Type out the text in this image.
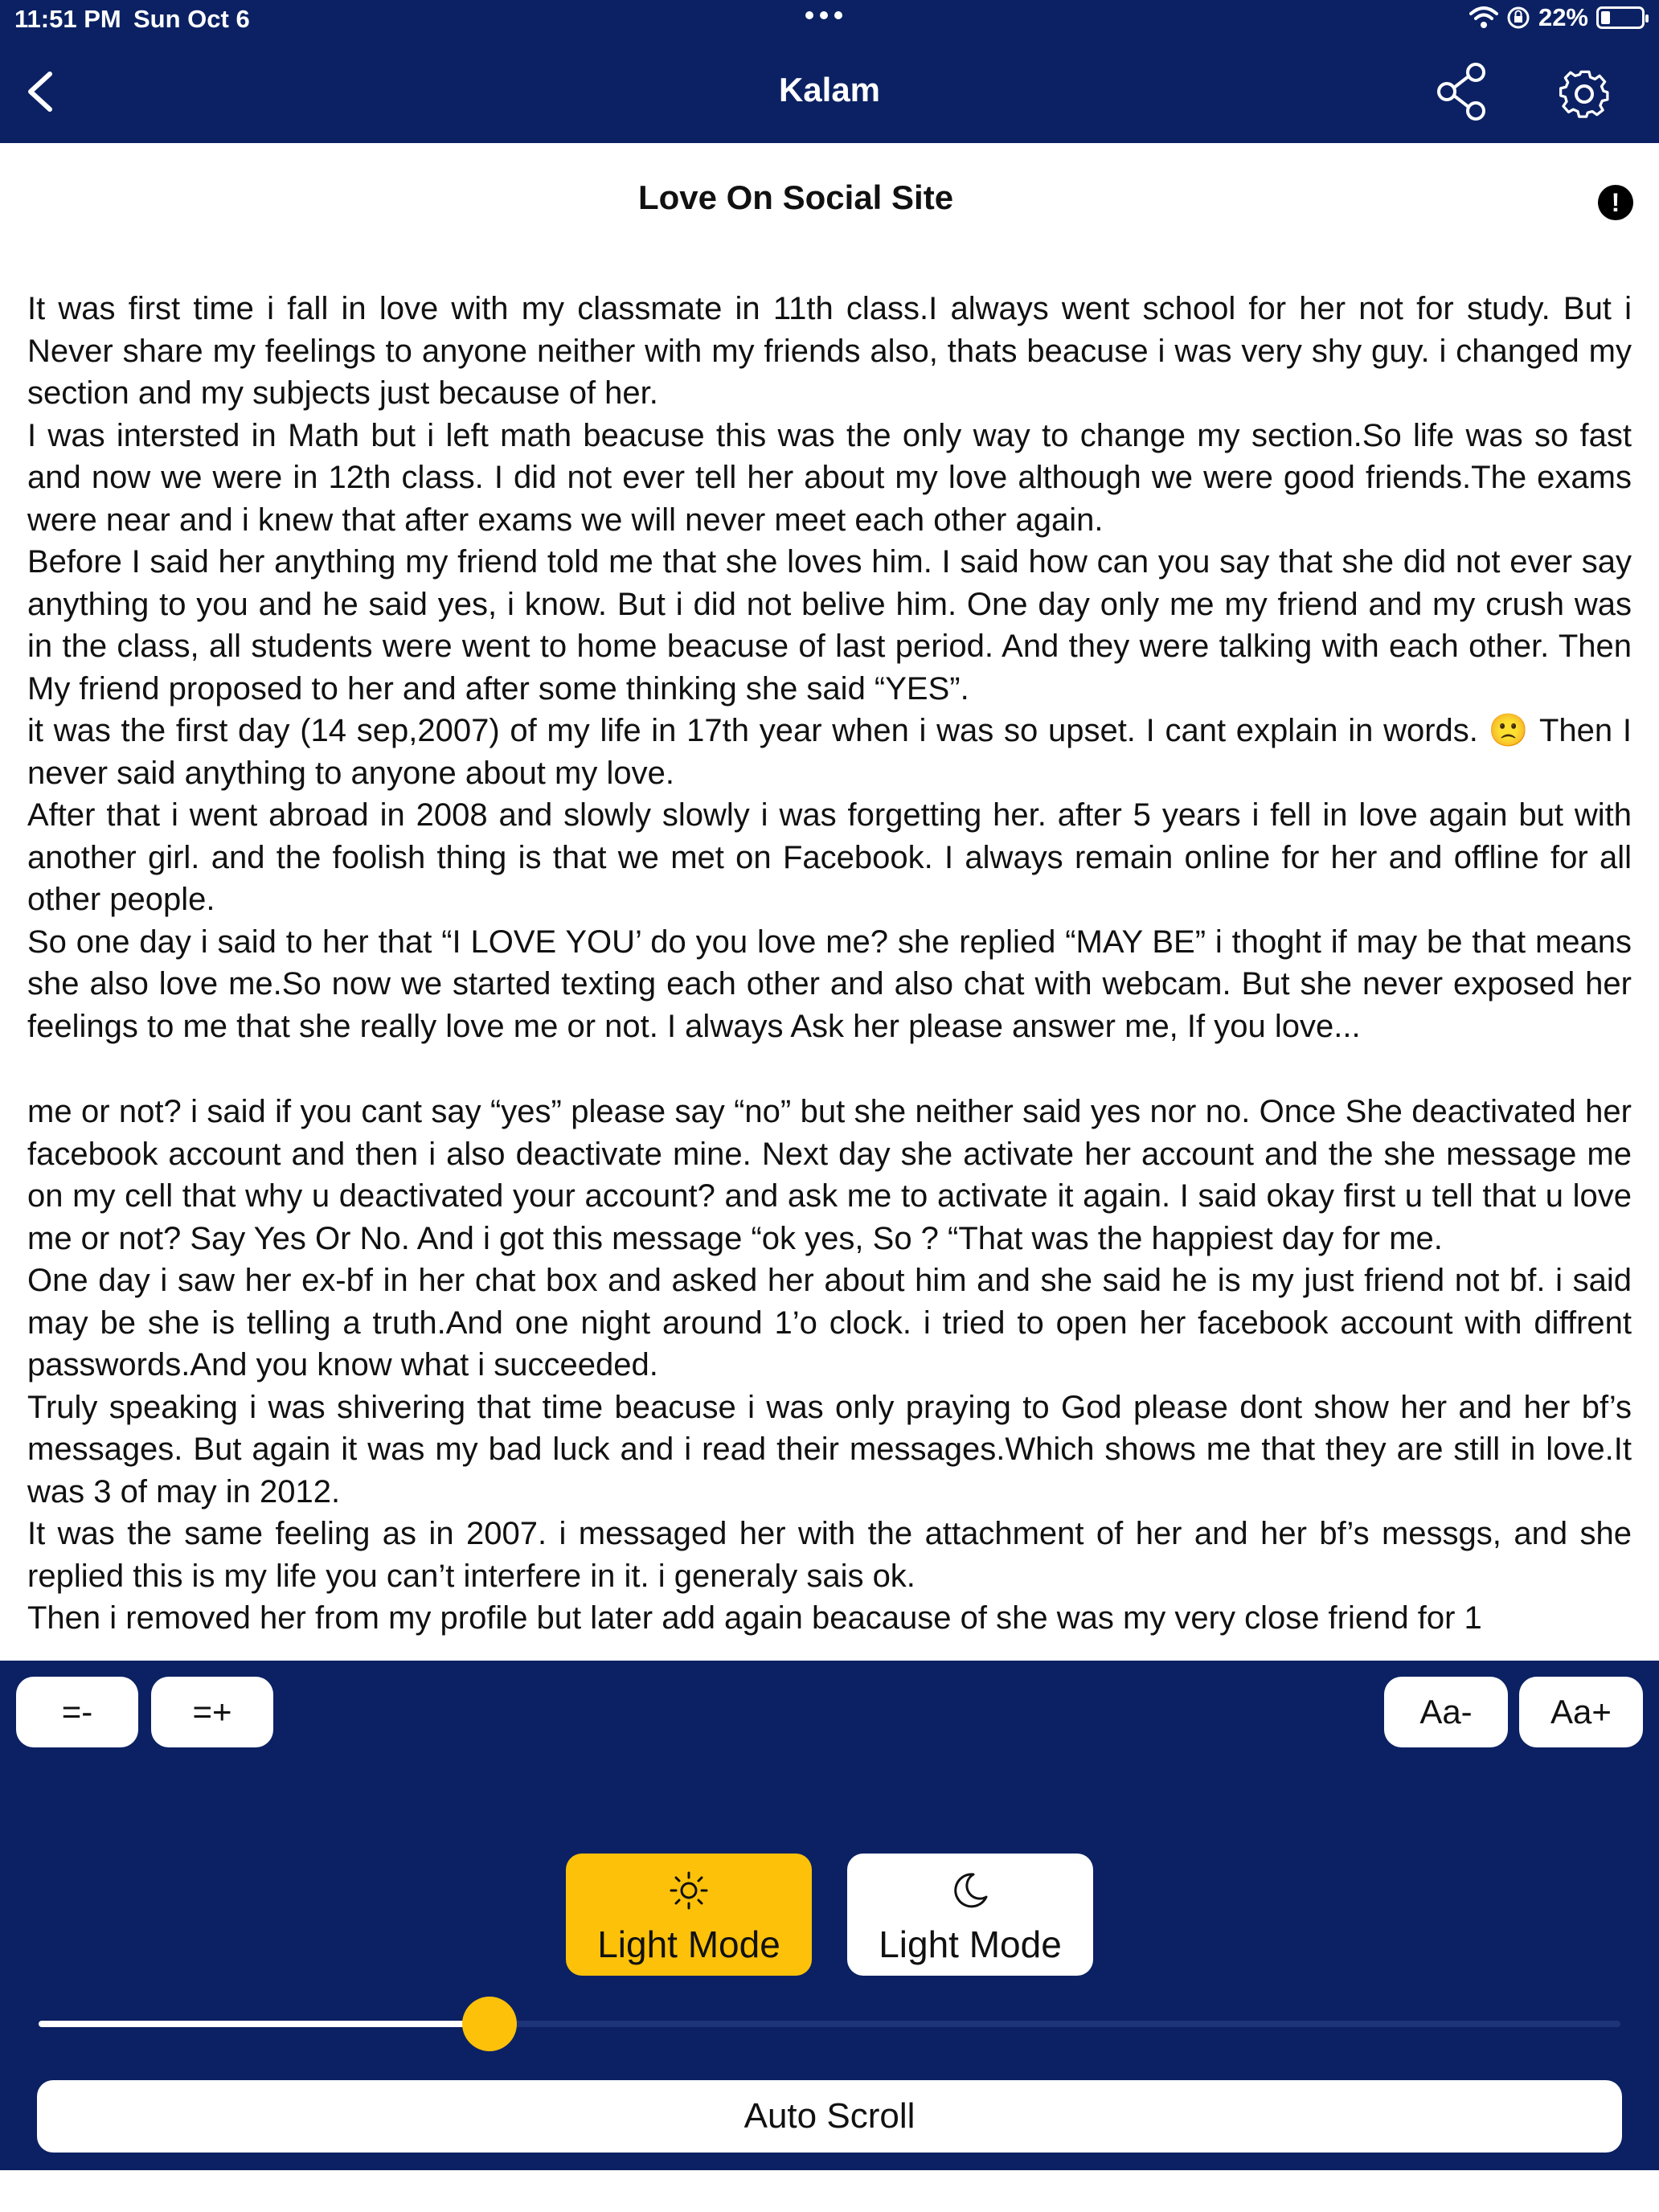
11:51 PM Sun Oct 6	22%
Kalam
Love On Social Site	!

It was first time i fall in love with my classmate in 11th class.I always went school for her not for study. But i Never share my feelings to anyone neither with my friends also, thats beacuse i was very shy guy. i changed my section and my subjects just because of her.

I was intersted in Math but i left math beacuse this was the only way to change my section.So life was so fast and now we were in 12th class. I did not ever tell her about my love although we were good friends.The exams were near and i knew that after exams we will never meet each other again.

Before I said her anything my friend told me that she loves him. I said how can you say that she did not ever say anything to you and he said yes, i know. But i did not belive him. One day only me my friend and my crush was in the class, all students were went to home beacuse of last period. And they were talking with each other. Then My friend proposed to her and after some thinking she said “YES”.

it was the first day (14 sep,2007) of my life in 17th year when i was so upset. I cant explain in words. 🙁 Then I never said anything to anyone about my love.

After that i went abroad in 2008 and slowly slowly i was forgetting her. after 5 years i fell in love again but with another girl. and the foolish thing is that we met on Facebook. I always remain online for her and offline for all other people.

So one day i said to her that “I LOVE YOU’ do you love me? she replied “MAY BE” i thoght if may be that means she also love me.So now we started texting each other and also chat with webcam. But she never exposed her feelings to me that she really love me or not. I always Ask her please answer me, If you love...

me or not? i said if you cant say “yes” please say “no” but she neither said yes nor no. Once She deactivated her facebook account and then i also deactivate mine. Next day she activate her account and the she message me on my cell that why u deactivated your account? and ask me to activate it again. I said okay first u tell that u love me or not? Say Yes Or No. And i got this message “ok yes, So ? “That was the happiest day for me.

One day i saw her ex-bf in her chat box and asked her about him and she said he is my just friend not bf. i said may be she is telling a truth.And one night around 1’o clock. i tried to open her facebook account with diffrent passwords.And you know what i succeeded.

Truly speaking i was shivering that time beacuse i was only praying to God please dont show her and her bf’s messages. But again it was my bad luck and i read their messages.Which shows me that they are still in love.It was 3 of may in 2012.

It was the same feeling as in 2007. i messaged her with the attachment of her and her bf’s messgs, and she replied this is my life you can’t interfere in it. i generaly sais ok.

Then i removed her from my profile but later add again beacause of she was my very close friend for 1

=-	=+	Aa-	Aa+
Light Mode	Light Mode
Auto Scroll
